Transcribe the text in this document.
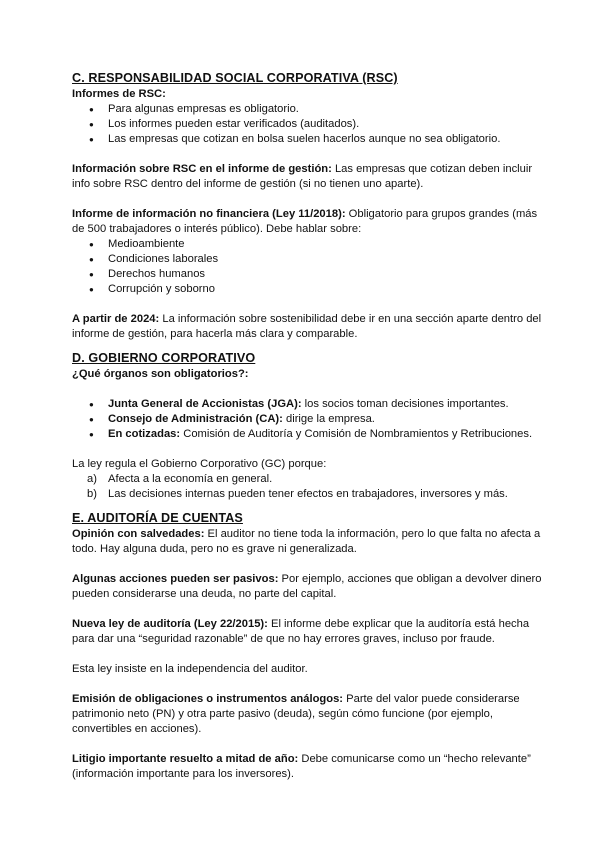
C. RESPONSABILIDAD SOCIAL CORPORATIVA (RSC)

Informes de RSC:

● Para algunas empresas es obligatorio.
● Los informes pueden estar verificados (auditados).
● Las empresas que cotizan en bolsa suelen hacerlos aunque no sea obligatorio.

Información sobre RSC en el informe de gestión: Las empresas que cotizan deben incluir info sobre RSC dentro del informe de gestión (si no tienen uno aparte).

Informe de información no financiera (Ley 11/2018): Obligatorio para grupos grandes (más de 500 trabajadores o interés público). Debe hablar sobre:

● Medioambiente
● Condiciones laborales
● Derechos humanos
● Corrupción y soborno

A partir de 2024: La información sobre sostenibilidad debe ir en una sección aparte dentro del informe de gestión, para hacerla más clara y comparable.

D. GOBIERNO CORPORATIVO

¿Qué órganos son obligatorios?:

● Junta General de Accionistas (JGA): los socios toman decisiones importantes.
● Consejo de Administración (CA): dirige la empresa.
● En cotizadas: Comisión de Auditoría y Comisión de Nombramientos y Retribuciones.

La ley regula el Gobierno Corporativo (GC) porque:

a) Afecta a la economía en general.
b) Las decisiones internas pueden tener efectos en trabajadores, inversores y más.
E. AUDITORÍA DE CUENTAS

Opinión con salvedades: El auditor no tiene toda la información, pero lo que falta no afecta a todo. Hay alguna duda, pero no es grave ni generalizada.

Algunas acciones pueden ser pasivos: Por ejemplo, acciones que obligan a devolver dinero pueden considerarse una deuda, no parte del capital.

Nueva ley de auditoría (Ley 22/2015): El informe debe explicar que la auditoría está hecha para dar una “seguridad razonable” de que no hay errores graves, incluso por fraude.

Esta ley insiste en la independencia del auditor.

Emisión de obligaciones o instrumentos análogos: Parte del valor puede considerarse patrimonio neto (PN) y otra parte pasivo (deuda), según cómo funcione (por ejemplo, convertibles en acciones).

Litigio importante resuelto a mitad de año: Debe comunicarse como un “hecho relevante” (información importante para los inversores).
